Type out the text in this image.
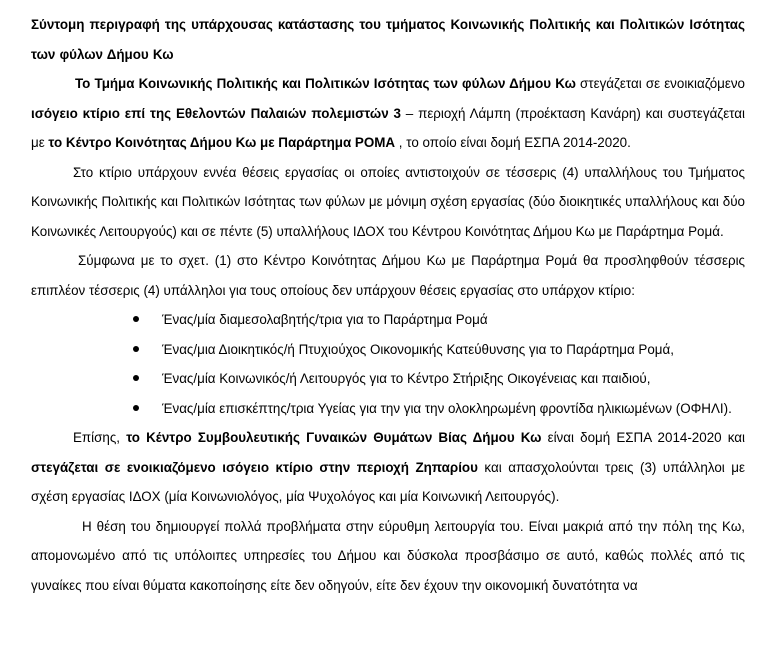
Σύντομη περιγραφή της υπάρχουσας κατάστασης του τμήματος Κοινωνικής Πολιτικής και Πολιτικών Ισότητας των φύλων Δήμου Κω

Το Τμήμα Κοινωνικής Πολιτικής και Πολιτικών Ισότητας των φύλων Δήμου Κω στεγάζεται σε ενοικιαζόμενο ισόγειο κτίριο επί της Εθελοντών Παλαιών πολεμιστών 3 – περιοχή Λάμπη (προέκταση Κανάρη) και συστεγάζεται με το Κέντρο Κοινότητας Δήμου Κω με Παράρτημα ΡΟΜΑ , το οποίο είναι δομή ΕΣΠΑ 2014-2020.

Στο κτίριο υπάρχουν εννέα θέσεις εργασίας οι οποίες αντιστοιχούν σε τέσσερις (4) υπαλλήλους του Τμήματος Κοινωνικής Πολιτικής και Πολιτικών Ισότητας των φύλων με μόνιμη σχέση εργασίας (δύο διοικητικές υπαλλήλους και δύο Κοινωνικές Λειτουργούς) και σε πέντε (5) υπαλλήλους ΙΔΟΧ του Κέντρου Κοινότητας Δήμου Κω με Παράρτημα Ρομά.

Σύμφωνα με το σχετ. (1) στο Κέντρο Κοινότητας Δήμου Κω με Παράρτημα Ρομά θα προσληφθούν τέσσερις επιπλέον τέσσερις (4) υπάλληλοι για τους οποίους δεν υπάρχουν θέσεις εργασίας στο υπάρχον κτίριο:

Ένας/μία διαμεσολαβητής/τρια για το Παράρτημα Ρομά
Ένας/μια Διοικητικός/ή Πτυχιούχος Οικονομικής Κατεύθυνσης για το Παράρτημα Ρομά,
Ένας/μία Κοινωνικός/ή Λειτουργός για το Κέντρο Στήριξης Οικογένειας και παιδιού,
Ένας/μία επισκέπτης/τρια Υγείας για την για την ολοκληρωμένη φροντίδα ηλικιωμένων (ΟΦΗΛΙ).

Επίσης, το Κέντρο Συμβουλευτικής Γυναικών Θυμάτων Βίας Δήμου Κω είναι δομή ΕΣΠΑ 2014-2020 και στεγάζεται σε ενοικιαζόμενο ισόγειο κτίριο στην περιοχή Ζηπαρίου και απασχολούνται τρεις (3) υπάλληλοι με σχέση εργασίας ΙΔΟΧ (μία Κοινωνιολόγος, μία Ψυχολόγος και μία Κοινωνική Λειτουργός).

Η θέση του δημιουργεί πολλά προβλήματα στην εύρυθμη λειτουργία του. Είναι μακριά από την πόλη της Κω, απομονωμένο από τις υπόλοιπες υπηρεσίες του Δήμου και δύσκολα προσβάσιμο σε αυτό, καθώς πολλές από τις γυναίκες που είναι θύματα κακοποίησης είτε δεν οδηγούν, είτε δεν έχουν την οικονομική δυνατότητα να
